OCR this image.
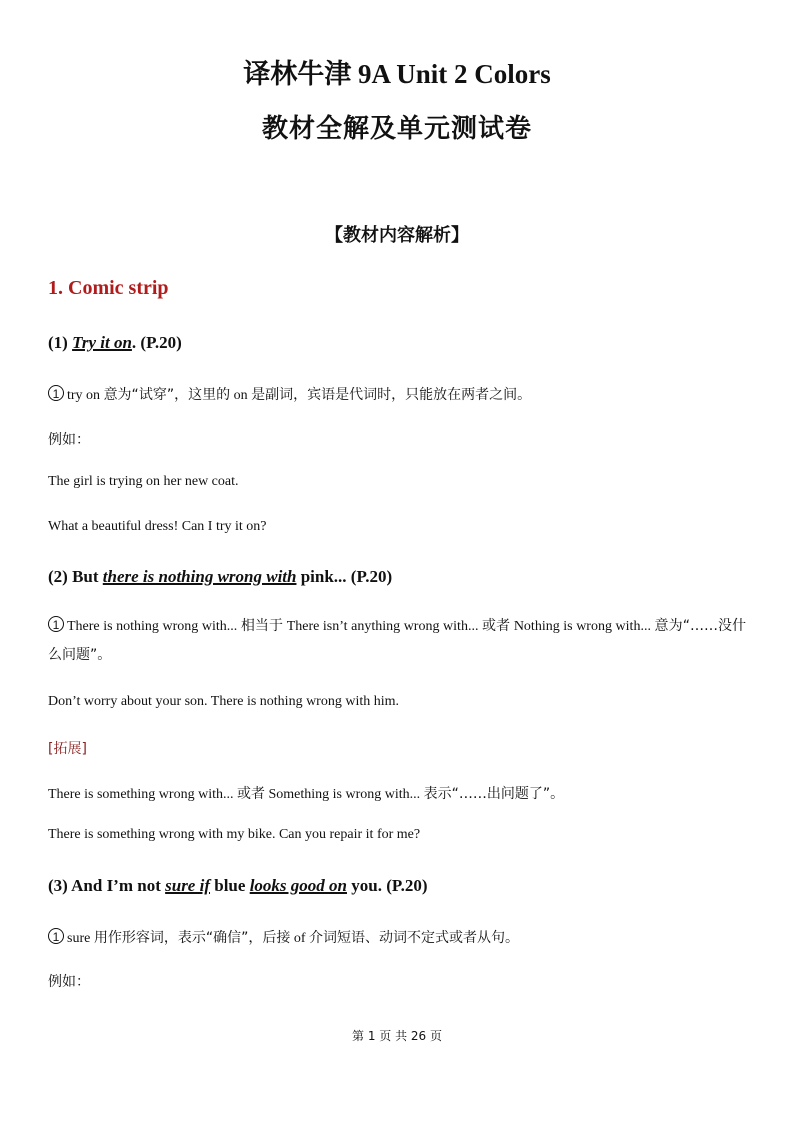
译林牛津 9A Unit 2 Colors
教材全解及单元测试卷
【教材内容解析】
1. Comic strip
(1) Try it on. (P.20)
1 try on 意为“试穿”，这里的 on 是副词，宾语是代词时，只能放在两者之间。
例如：
The girl is trying on her new coat.
What a beautiful dress! Can I try it on?
(2) But there is nothing wrong with pink... (P.20)
1 There is nothing wrong with... 相当于 There isn’t anything wrong with... 或者 Nothing is wrong with... 意为“……没什么问题”。
Don’t worry about your son. There is nothing wrong with him.
[拓展]
There is something wrong with... 或者 Something is wrong with... 表示“……出问题了”。
There is something wrong with my bike. Can you repair it for me?
(3) And I’m not sure if blue looks good on you. (P.20)
1 sure 用作形容词，表示“确信”，后接 of 介词短语、动词不定式或者从句。
例如：
第 1 页 共 26 页
